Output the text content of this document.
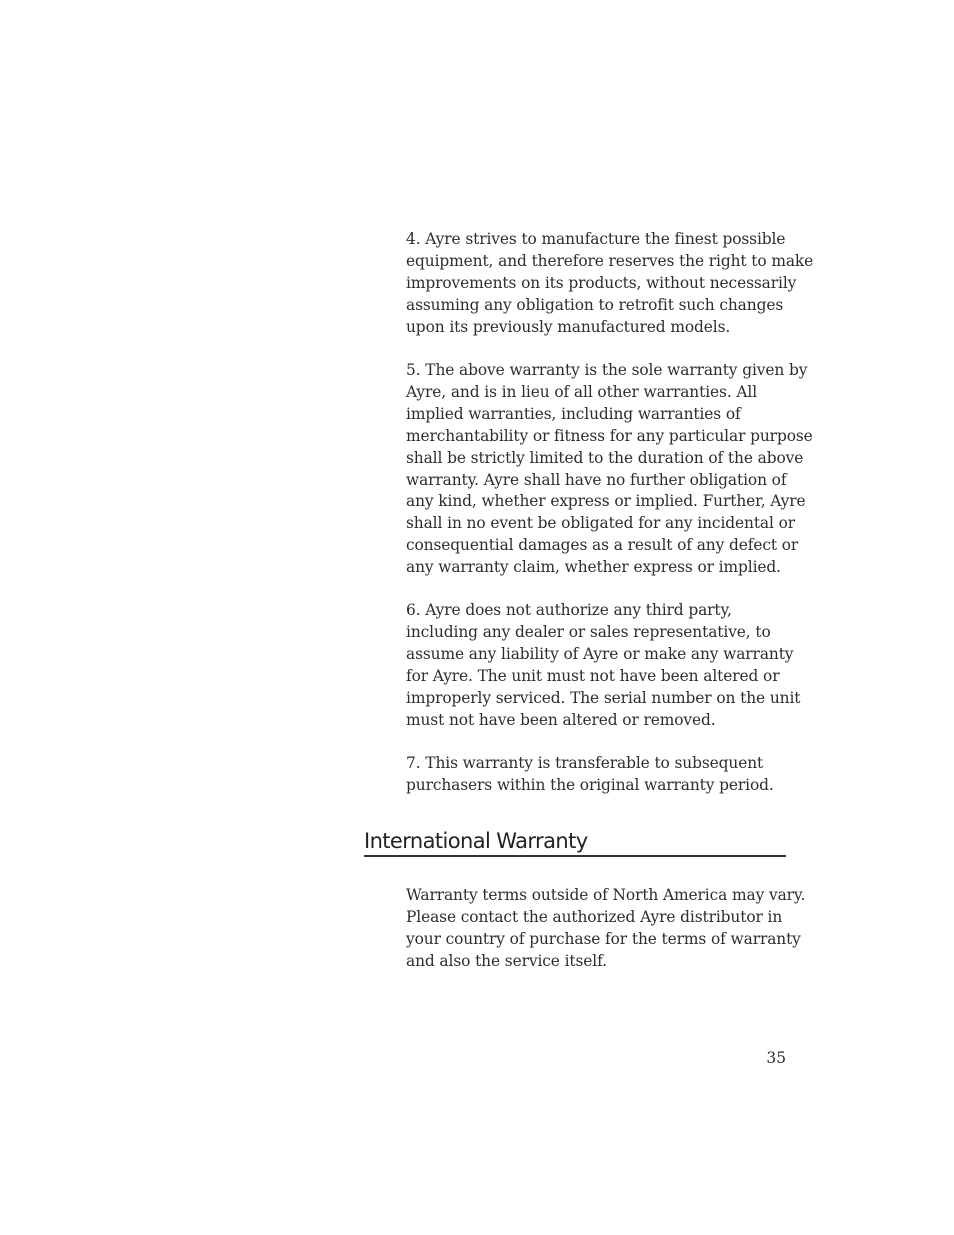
4. Ayre strives to manufacture the finest possible
equipment, and therefore reserves the right to make
improvements on its products, without necessarily
assuming any obligation to retrofit such changes
upon its previously manufactured models.

5. The above warranty is the sole warranty given by
Ayre, and is in lieu of all other warranties. All
implied warranties, including warranties of
merchantability or fitness for any particular purpose
shall be strictly limited to the duration of the above
warranty. Ayre shall have no further obligation of
any kind, whether express or implied. Further, Ayre
shall in no event be obligated for any incidental or
consequential damages as a result of any defect or
any warranty claim, whether express or implied.

6. Ayre does not authorize any third party,
including any dealer or sales representative, to
assume any liability of Ayre or make any warranty
for Ayre. The unit must not have been altered or
improperly serviced. The serial number on the unit
must not have been altered or removed.

7. This warranty is transferable to subsequent
purchasers within the original warranty period.

International Warranty

Warranty terms outside of North America may vary.
Please contact the authorized Ayre distributor in
your country of purchase for the terms of warranty
and also the service itself.

35
